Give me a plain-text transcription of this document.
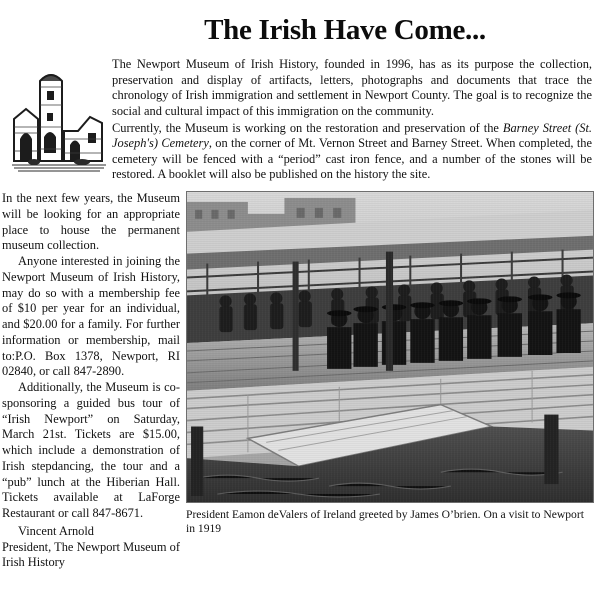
The Irish Have Come...

The Newport Museum of Irish History, founded in 1996, has as its purpose the collection, preservation and display of artifacts, letters, photographs and documents that trace the chronology of Irish immigration and settlement in Newport County. The goal is to recognize the social and cultural impact of this immigration on the community.

Currently, the Museum is working on the restoration and preservation of the Barney Street (St. Joseph's) Cemetery, on the corner of Mt. Vernon Street and Barney Street. When completed, the cemetery will be fenced with a “period” cast iron fence, and a number of the stones will be restored. A booklet will also be published on the history the site.

In the next few years, the Museum will be looking for an appropriate place to house the permanent museum collection.

Anyone interested in joining the Newport Museum of Irish History, may do so with a membership fee of $10 per year for an individual, and $20.00 for a family. For further information or membership, mail to:P.O. Box 1378, Newport, RI 02840, or call 847-2890.

Additionally, the Museum is co-sponsoring a guided bus tour of “Irish Newport” on Saturday, March 21st. Tickets are $15.00, which include a demonstration of Irish stepdancing, the tour and a “pub” lunch at the Hiberian Hall. Tickets available at LaForge Restaurant or call 847-8671.

Vincent Arnold

President, The Newport Museum of Irish History

President Eamon deValers of Ireland greeted by James O’brien. On a visit to Newport in 1919
